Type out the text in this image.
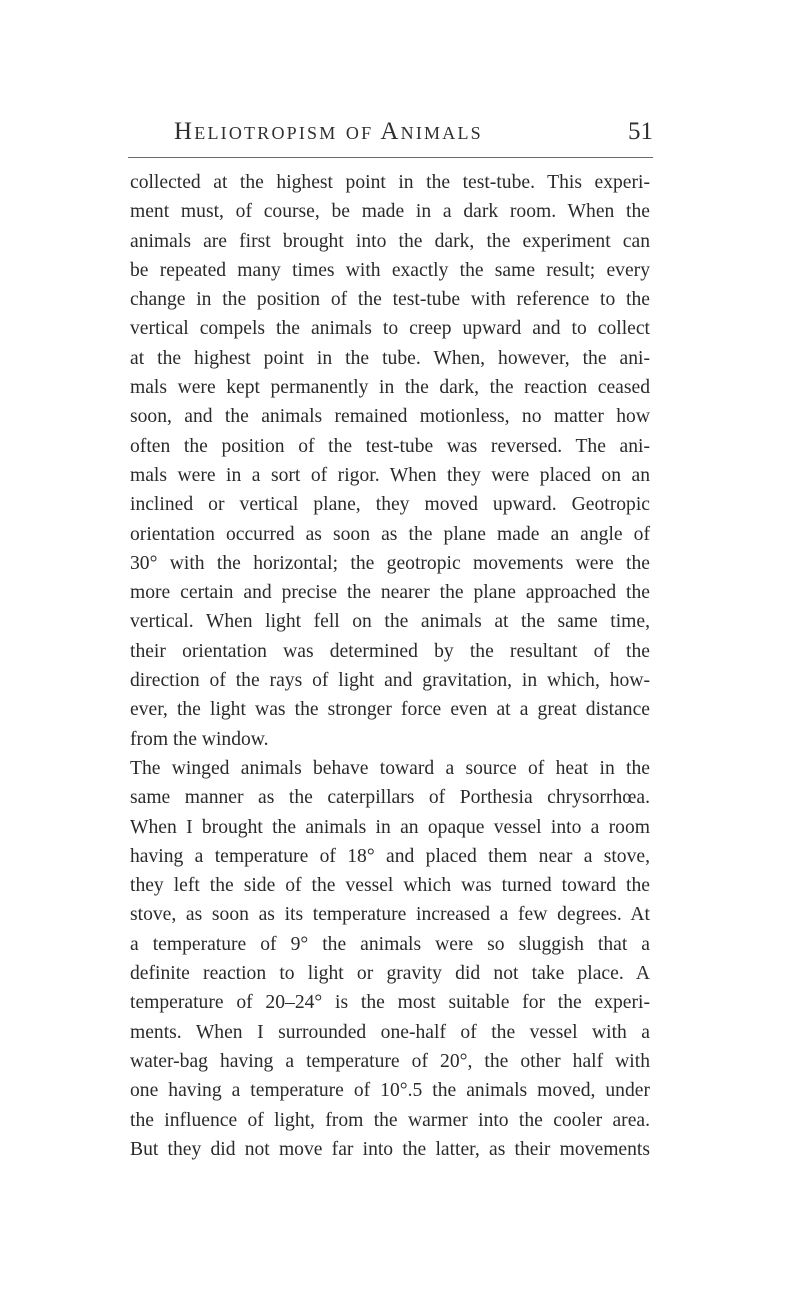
Heliotropism of Animals	51
collected at the highest point in the test-tube. This experi-
ment must, of course, be made in a dark room. When the
animals are first brought into the dark, the experiment can
be repeated many times with exactly the same result; every
change in the position of the test-tube with reference to the
vertical compels the animals to creep upward and to collect
at the highest point in the tube. When, however, the ani-
mals were kept permanently in the dark, the reaction ceased
soon, and the animals remained motionless, no matter how
often the position of the test-tube was reversed. The ani-
mals were in a sort of rigor. When they were placed on an
inclined or vertical plane, they moved upward. Geotropic
orientation occurred as soon as the plane made an angle of
30° with the horizontal; the geotropic movements were the
more certain and precise the nearer the plane approached the
vertical. When light fell on the animals at the same time,
their orientation was determined by the resultant of the
direction of the rays of light and gravitation, in which, how-
ever, the light was the stronger force even at a great distance
from the window.
The winged animals behave toward a source of heat in the
same manner as the caterpillars of Porthesia chrysorrhœa.
When I brought the animals in an opaque vessel into a room
having a temperature of 18° and placed them near a stove,
they left the side of the vessel which was turned toward the
stove, as soon as its temperature increased a few degrees. At
a temperature of 9° the animals were so sluggish that a
definite reaction to light or gravity did not take place. A
temperature of 20–24° is the most suitable for the experi-
ments. When I surrounded one-half of the vessel with a
water-bag having a temperature of 20°, the other half with
one having a temperature of 10°.5 the animals moved, under
the influence of light, from the warmer into the cooler area.
But they did not move far into the latter, as their movements
